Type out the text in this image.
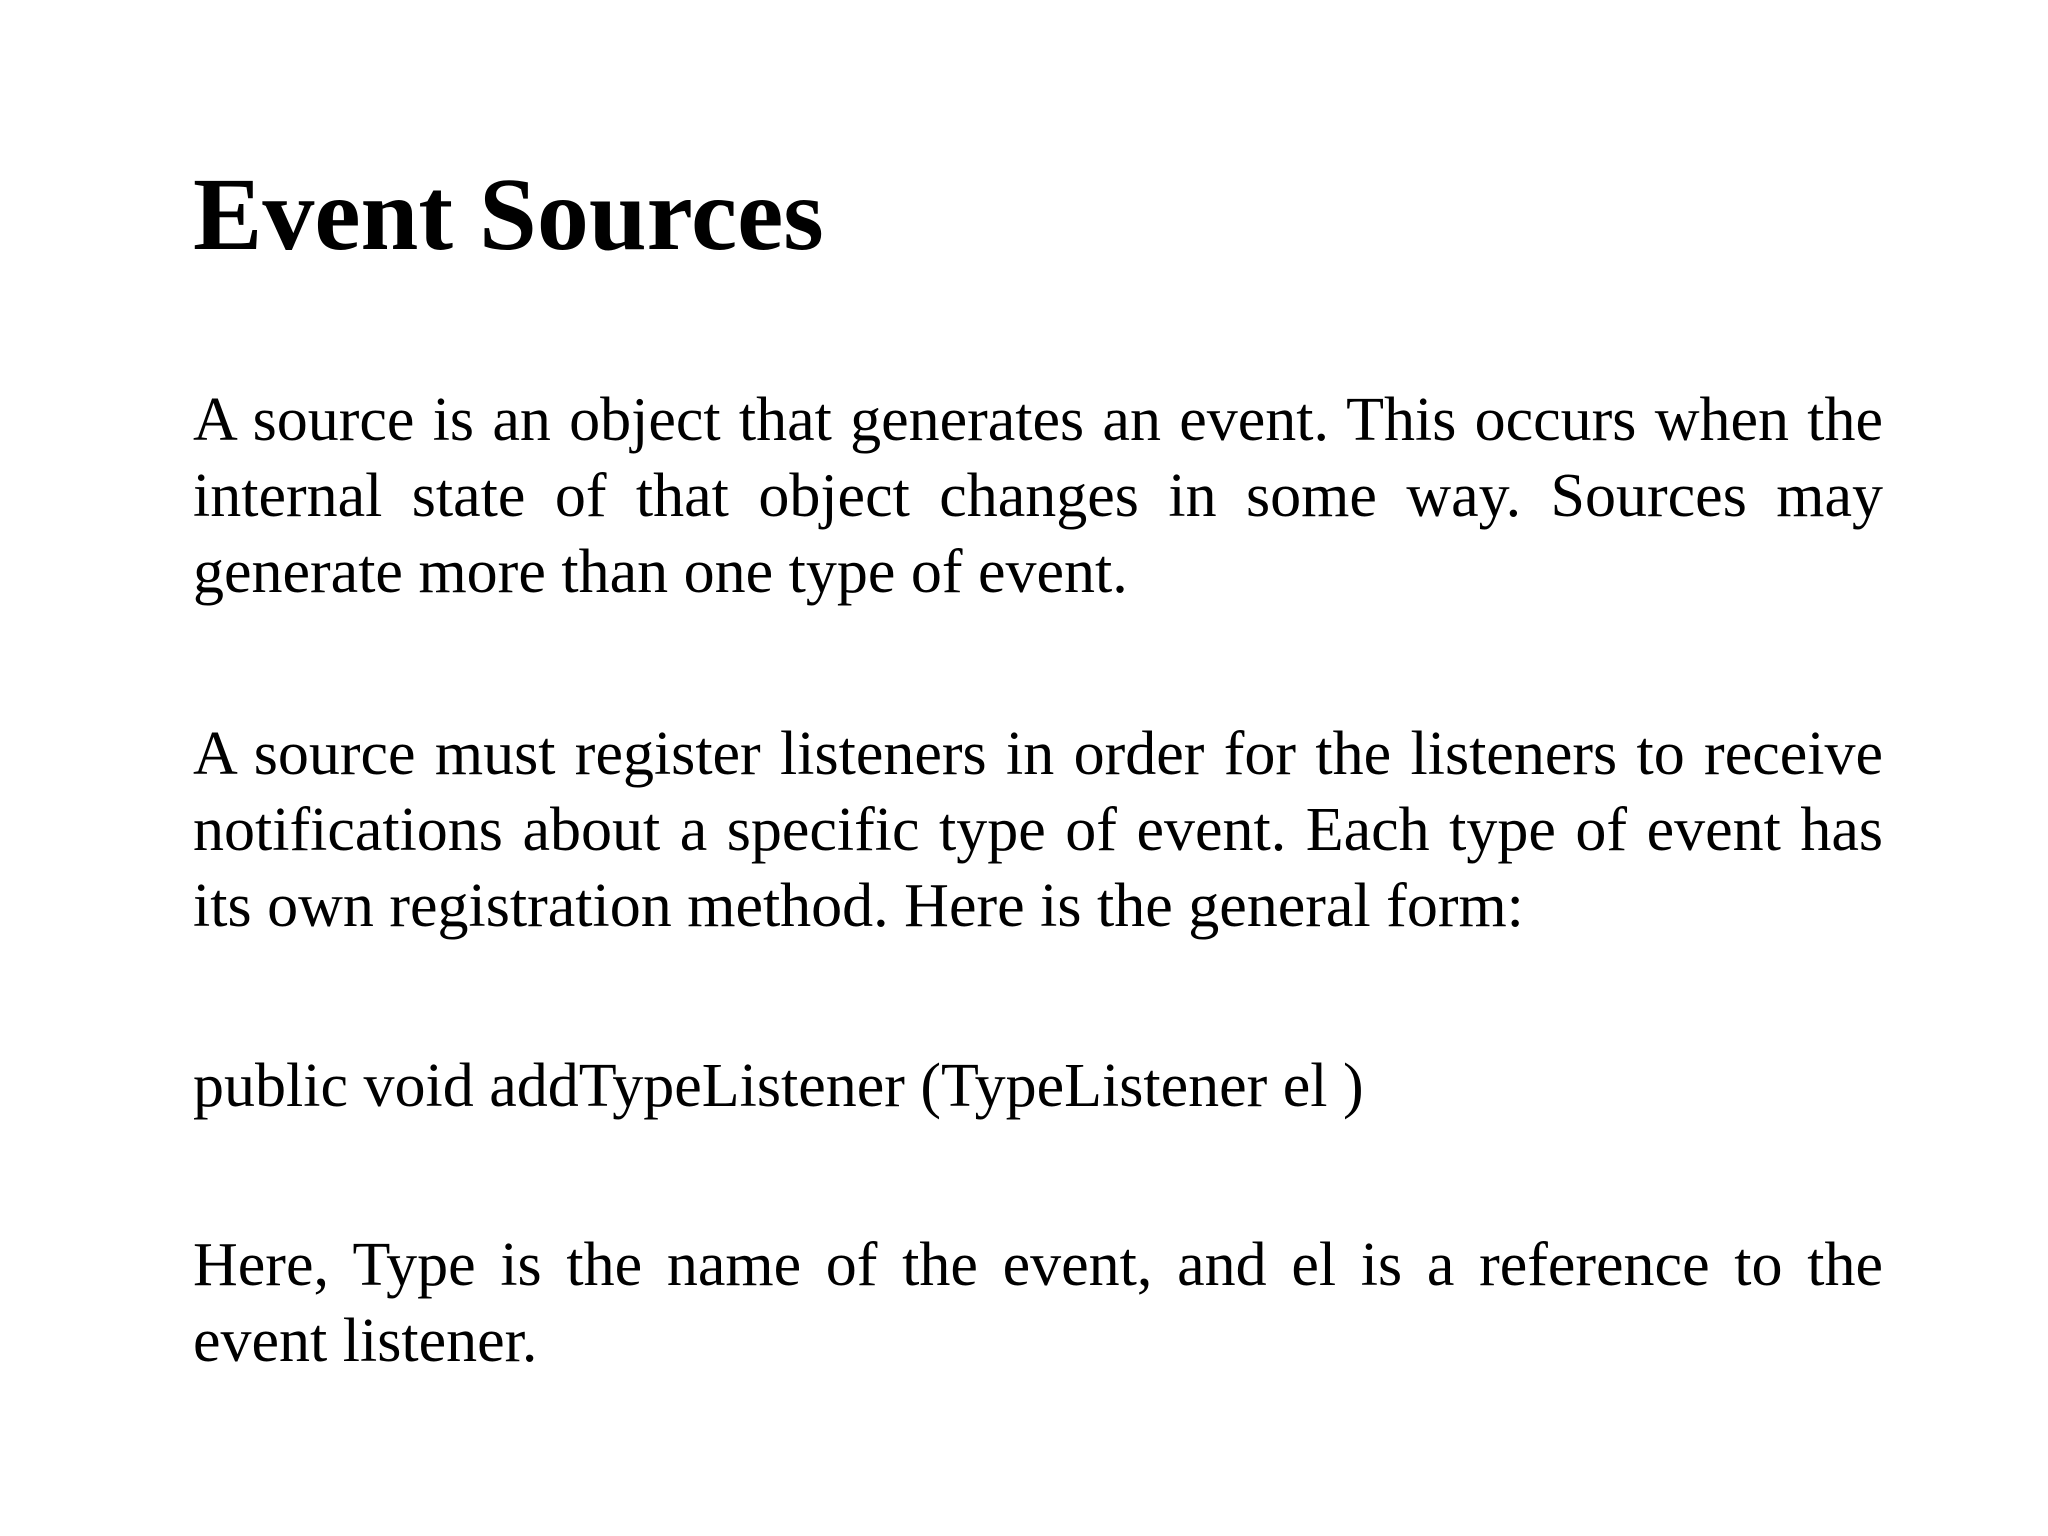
Event Sources

A source is an object that generates an event. This occurs when the internal state of that object changes in some way. Sources may generate more than one type of event.

A source must register listeners in order for the listeners to receive notifications about a specific type of event. Each type of event has its own registration method. Here is the general form:

public void addTypeListener (TypeListener el )

Here, Type is the name of the event, and el is a reference to the event listener.
